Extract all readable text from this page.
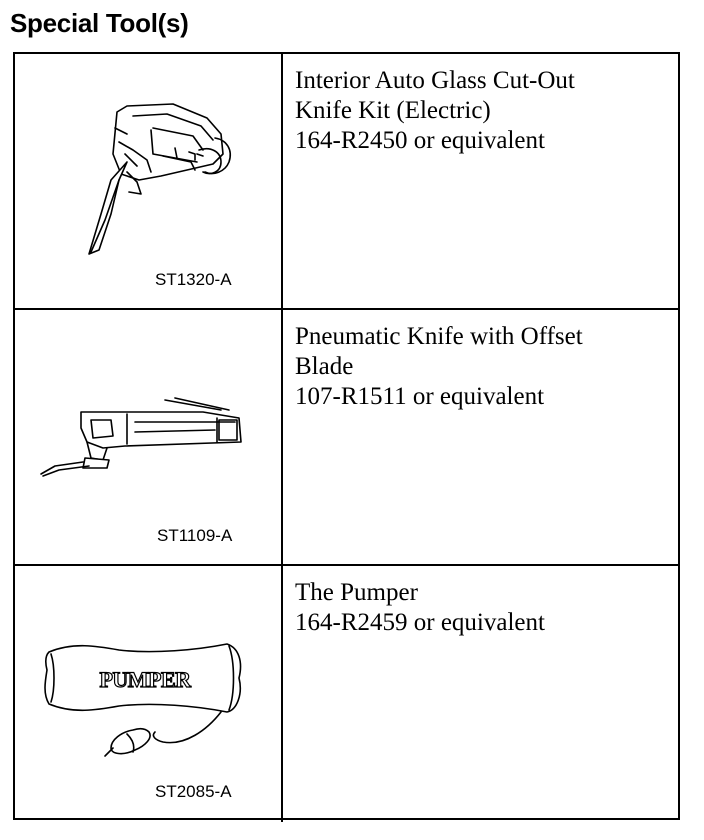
Special Tool(s)
ST1320-A
Interior Auto Glass Cut-Out
Knife Kit (Electric)
164-R2450 or equivalent
ST1109-A
Pneumatic Knife with Offset
Blade
107-R1511 or equivalent
PUMPER
ST2085-A
The Pumper
164-R2459 or equivalent
